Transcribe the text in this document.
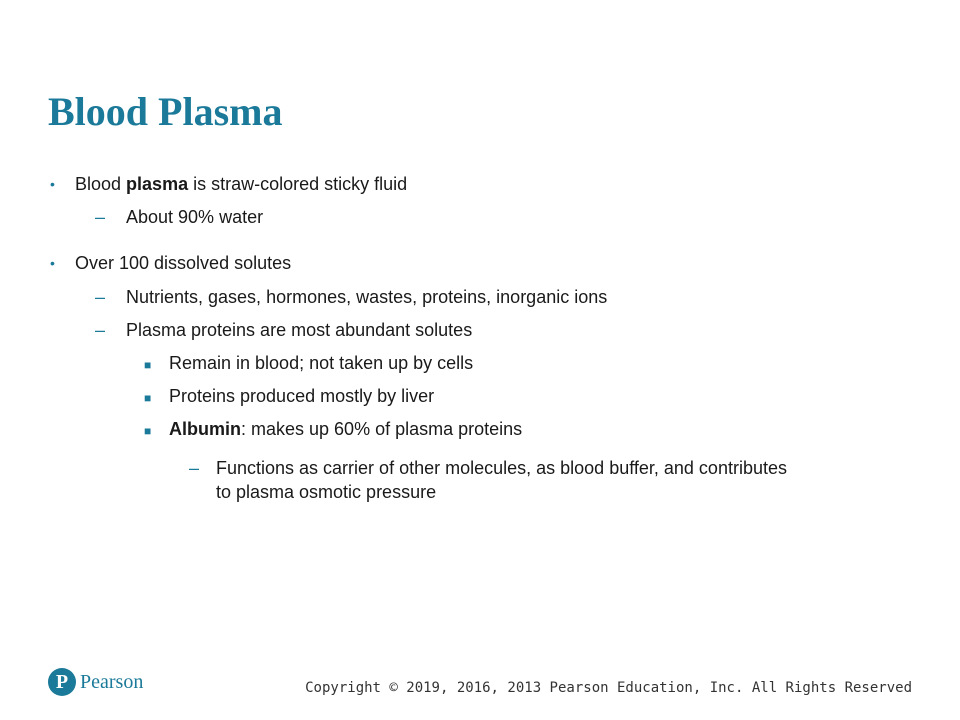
Blood Plasma
• Blood plasma is straw-colored sticky fluid
– About 90% water
• Over 100 dissolved solutes
– Nutrients, gases, hormones, wastes, proteins, inorganic ions
– Plasma proteins are most abundant solutes
■ Remain in blood; not taken up by cells
■ Proteins produced mostly by liver
■ Albumin: makes up 60% of plasma proteins
– Functions as carrier of other molecules, as blood buffer, and contributes
to plasma osmotic pressure
P Pearson	Copyright © 2019, 2016, 2013 Pearson Education, Inc. All Rights Reserved
